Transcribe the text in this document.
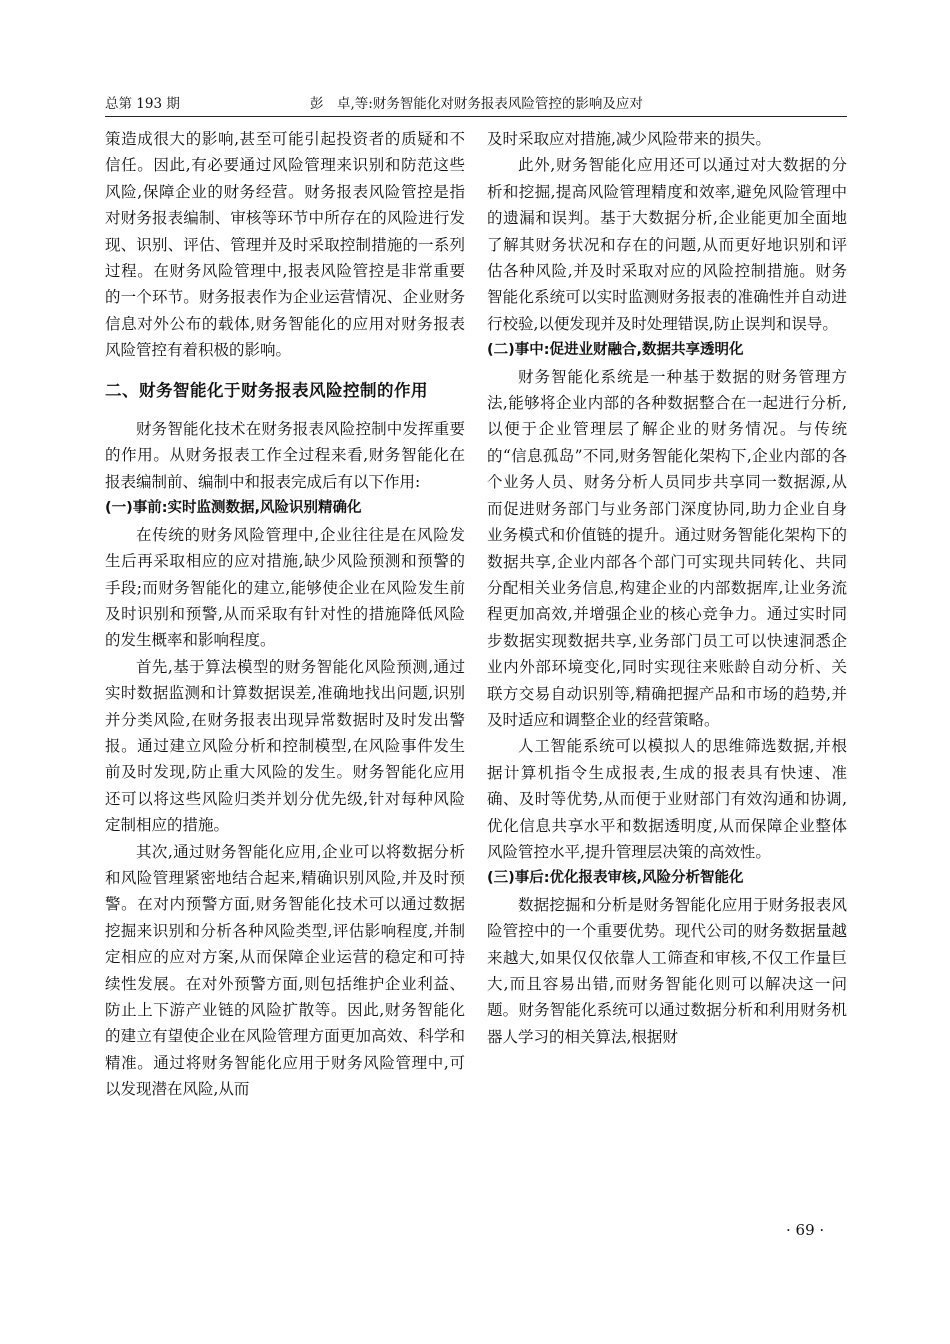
总第 193 期	彭　卓,等:财务智能化对财务报表风险管控的影响及应对

策造成很大的影响,甚至可能引起投资者的质疑和不信任。因此,有必要通过风险管理来识别和防范这些风险,保障企业的财务经营。财务报表风险管控是指对财务报表编制、审核等环节中所存在的风险进行发现、识别、评估、管理并及时采取控制措施的一系列过程。在财务风险管理中,报表风险管控是非常重要的一个环节。财务报表作为企业运营情况、企业财务信息对外公布的载体,财务智能化的应用对财务报表风险管控有着积极的影响。

二、财务智能化于财务报表风险控制的作用

财务智能化技术在财务报表风险控制中发挥重要的作用。从财务报表工作全过程来看,财务智能化在报表编制前、编制中和报表完成后有以下作用:

(一)事前:实时监测数据,风险识别精确化

在传统的财务风险管理中,企业往往是在风险发生后再采取相应的应对措施,缺少风险预测和预警的手段;而财务智能化的建立,能够使企业在风险发生前及时识别和预警,从而采取有针对性的措施降低风险的发生概率和影响程度。

首先,基于算法模型的财务智能化风险预测,通过实时数据监测和计算数据误差,准确地找出问题,识别并分类风险,在财务报表出现异常数据时及时发出警报。通过建立风险分析和控制模型,在风险事件发生前及时发现,防止重大风险的发生。财务智能化应用还可以将这些风险归类并划分优先级,针对每种风险定制相应的措施。

其次,通过财务智能化应用,企业可以将数据分析和风险管理紧密地结合起来,精确识别风险,并及时预警。在对内预警方面,财务智能化技术可以通过数据挖掘来识别和分析各种风险类型,评估影响程度,并制定相应的应对方案,从而保障企业运营的稳定和可持续性发展。在对外预警方面,则包括维护企业利益、防止上下游产业链的风险扩散等。因此,财务智能化的建立有望使企业在风险管理方面更加高效、科学和精准。通过将财务智能化应用于财务风险管理中,可以发现潜在风险,从而

及时采取应对措施,减少风险带来的损失。

此外,财务智能化应用还可以通过对大数据的分析和挖掘,提高风险管理精度和效率,避免风险管理中的遗漏和误判。基于大数据分析,企业能更加全面地了解其财务状况和存在的问题,从而更好地识别和评估各种风险,并及时采取对应的风险控制措施。财务智能化系统可以实时监测财务报表的准确性并自动进行校验,以便发现并及时处理错误,防止误判和误导。

(二)事中:促进业财融合,数据共享透明化

财务智能化系统是一种基于数据的财务管理方法,能够将企业内部的各种数据整合在一起进行分析,以便于企业管理层了解企业的财务情况。与传统的“信息孤岛”不同,财务智能化架构下,企业内部的各个业务人员、财务分析人员同步共享同一数据源,从而促进财务部门与业务部门深度协同,助力企业自身业务模式和价值链的提升。通过财务智能化架构下的数据共享,企业内部各个部门可实现共同转化、共同分配相关业务信息,构建企业的内部数据库,让业务流程更加高效,并增强企业的核心竞争力。通过实时同步数据实现数据共享,业务部门员工可以快速洞悉企业内外部环境变化,同时实现往来账龄自动分析、关联方交易自动识别等,精确把握产品和市场的趋势,并及时适应和调整企业的经营策略。

人工智能系统可以模拟人的思维筛选数据,并根据计算机指令生成报表,生成的报表具有快速、准确、及时等优势,从而便于业财部门有效沟通和协调,优化信息共享水平和数据透明度,从而保障企业整体风险管控水平,提升管理层决策的高效性。

(三)事后:优化报表审核,风险分析智能化

数据挖掘和分析是财务智能化应用于财务报表风险管控中的一个重要优势。现代公司的财务数据量越来越大,如果仅仅依靠人工筛查和审核,不仅工作量巨大,而且容易出错,而财务智能化则可以解决这一问题。财务智能化系统可以通过数据分析和利用财务机器人学习的相关算法,根据财

· 69 ·
